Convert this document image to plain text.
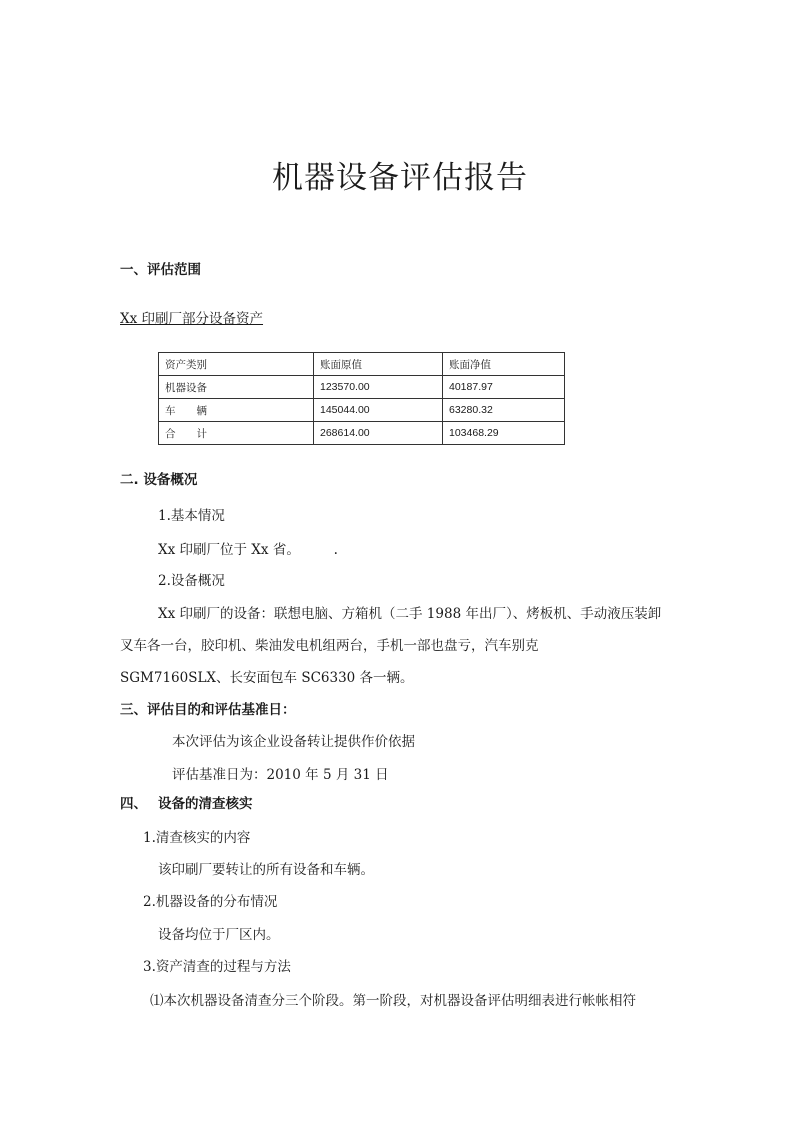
机器设备评估报告
一、评估范围
Xx 印刷厂部分设备资产
资产类别	账面原值	账面净值
机器设备	123570.00	40187.97
车　　辆	145044.00	63280.32
合　　计	268614.00	103468.29
二. 设备概况
1.基本情况
Xx 印刷厂位于 Xx 省。　　　.
2.设备概况
Xx 印刷厂的设备：联想电脑、方箱机（二手 1988 年出厂）、烤板机、手动液压装卸
叉车各一台，胶印机、柴油发电机组两台，手机一部也盘亏，汽车别克
SGM7160SLX、长安面包车 SC6330 各一辆。
三、评估目的和评估基准日：
本次评估为该企业设备转让提供作价依据
评估基准日为：2010 年 5 月 31 日
四、 设备的清查核实
1.清查核实的内容
该印刷厂要转让的所有设备和车辆。
2.机器设备的分布情况
设备均位于厂区内。
3.资产清查的过程与方法
⑴本次机器设备清查分三个阶段。第一阶段，对机器设备评估明细表进行帐帐相符
